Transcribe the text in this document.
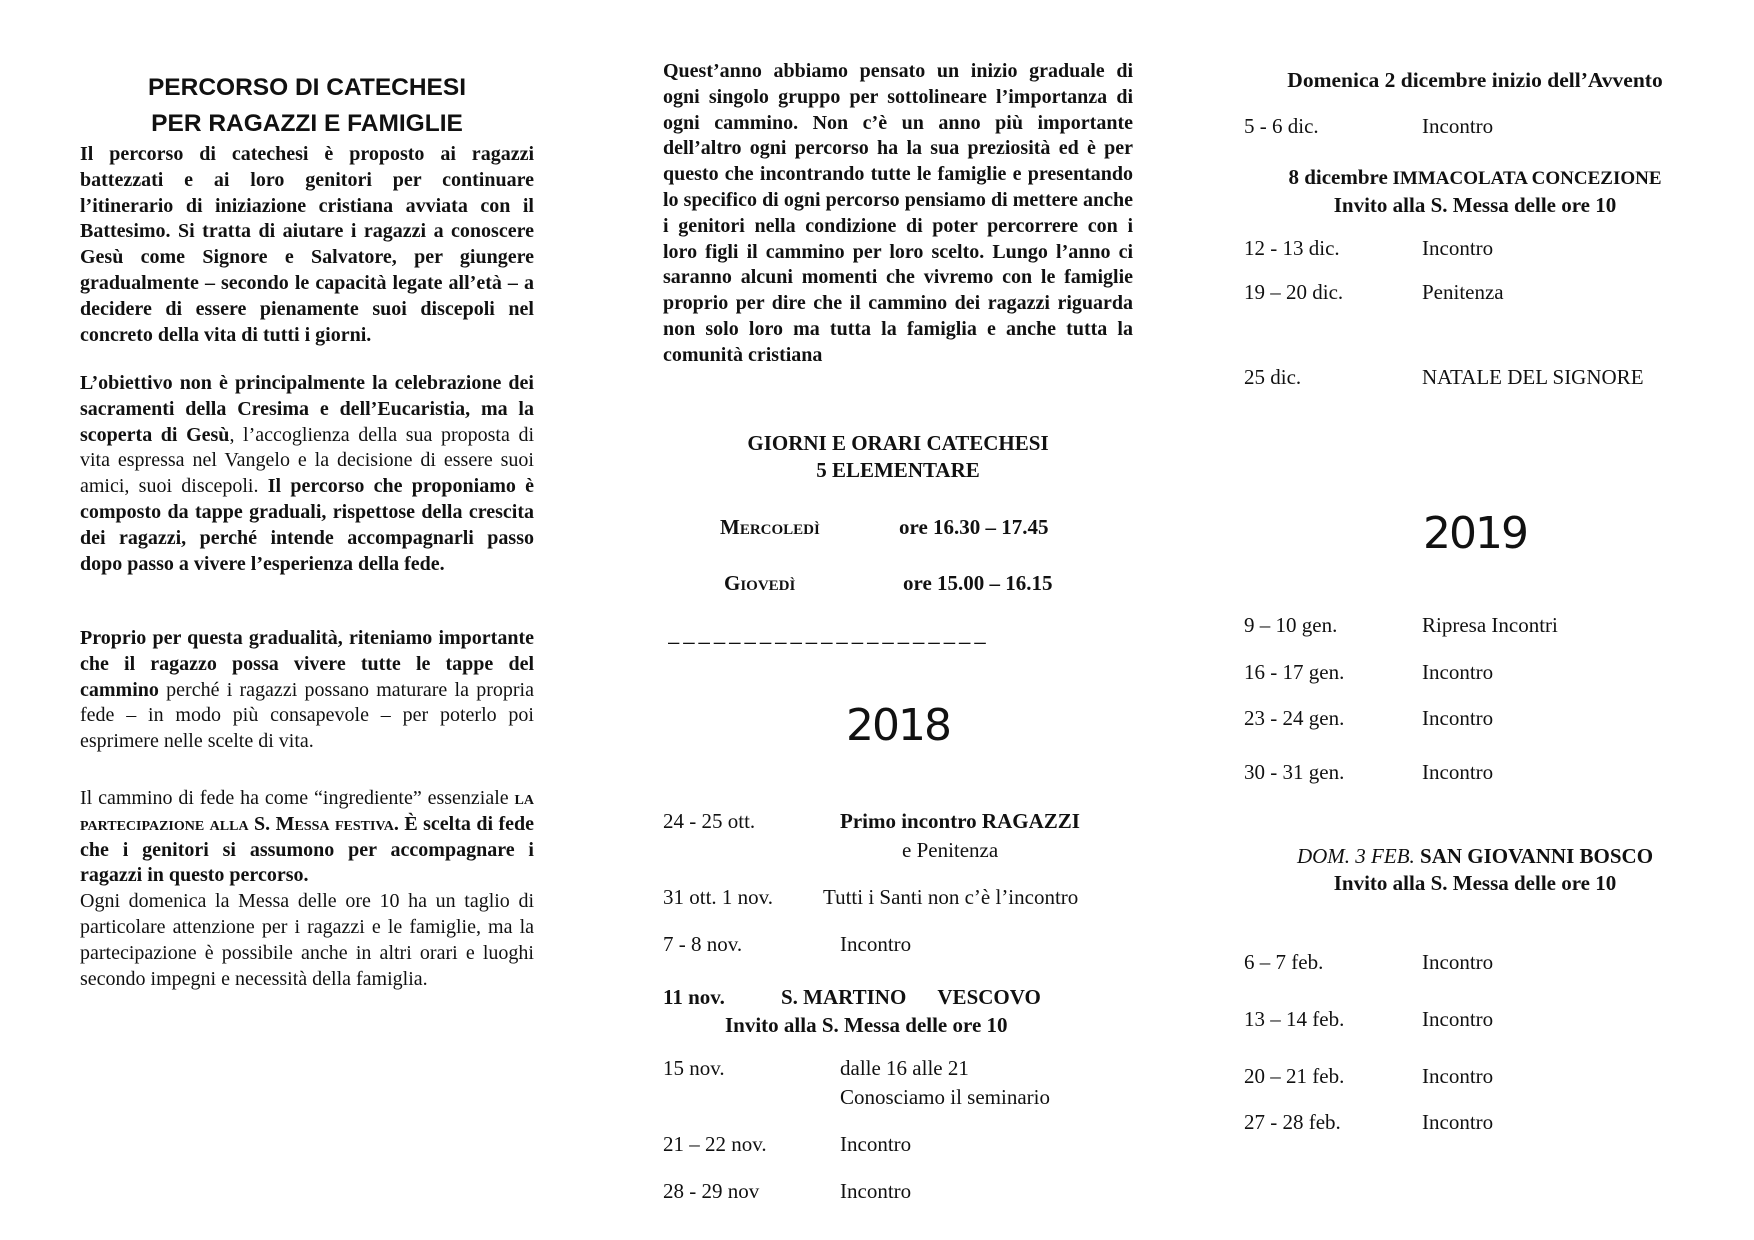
PERCORSO DI CATECHESI
PER RAGAZZI E FAMIGLIE

Il percorso di catechesi è proposto ai ragazzi battezzati e ai loro genitori per continuare l’itinerario di iniziazione cristiana avviata con il Battesimo. Si tratta di aiutare i ragazzi a conoscere Gesù come Signore e Salvatore, per giungere gradualmente – secondo le capacità legate all’età – a decidere di essere pienamente suoi discepoli nel concreto della vita di tutti i giorni.

L’obiettivo non è principalmente la celebrazione dei sacramenti della Cresima e dell’Eucaristia, ma la scoperta di Gesù, l’accoglienza della sua proposta di vita espressa nel Vangelo e la decisione di essere suoi amici, suoi discepoli. Il percorso che proponiamo è composto da tappe graduali, rispettose della crescita dei ragazzi, perché intende accompagnarli passo dopo passo a vivere l’esperienza della fede.

Proprio per questa gradualità, riteniamo importante che il ragazzo possa vivere tutte le tappe del cammino perché i ragazzi possano maturare la propria fede – in modo più consapevole – per poterlo poi esprimere nelle scelte di vita.

Il cammino di fede ha come “ingrediente” essenziale la partecipazione alla S. Messa festiva. È scelta di fede che i genitori si assumono per accompagnare i ragazzi in questo percorso.
Ogni domenica la Messa delle ore 10 ha un taglio di particolare attenzione per i ragazzi e le famiglie, ma la partecipazione è possibile anche in altri orari e luoghi secondo impegni e necessità della famiglia.

Quest’anno abbiamo pensato un inizio graduale di ogni singolo gruppo per sottolineare l’importanza di ogni cammino. Non c’è un anno più importante dell’altro ogni percorso ha la sua preziosità ed è per questo che incontrando tutte le famiglie e presentando lo specifico di ogni percorso pensiamo di mettere anche i genitori nella condizione di poter percorrere con i loro figli il cammino per loro scelto. Lungo l’anno ci saranno alcuni momenti che vivremo con le famiglie proprio per dire che il cammino dei ragazzi riguarda non solo loro ma tutta la famiglia e anche tutta la comunità cristiana

GIORNI E ORARI CATECHESI
5 ELEMENTARE
Mercoledì	ore 16.30 – 17.45
Giovedì	ore 15.00 – 16.15
_____________________
2018
24 - 25 ott.	Primo incontro RAGAZZI
e Penitenza
31 ott. 1 nov. Tutti i Santi non c’è l’incontro
7 - 8 nov.	Incontro
11 nov.	S. MARTINO      VESCOVO
Invito alla S. Messa delle ore 10
15 nov.	dalle 16 alle 21
Conosciamo il seminario
21 – 22 nov.	Incontro
28 - 29 nov	Incontro
Domenica 2 dicembre inizio dell’Avvento
5 - 6 dic.	Incontro
8 dicembre IMMACOLATA CONCEZIONE
Invito alla S. Messa delle ore 10
12 - 13 dic.	Incontro
19 – 20 dic.	Penitenza
25 dic.	NATALE DEL SIGNORE
2019
9 – 10 gen.	Ripresa Incontri
16 - 17 gen.	Incontro
23 - 24 gen.	Incontro
30 - 31 gen.	Incontro
DOM. 3 FEB. SAN GIOVANNI BOSCO
Invito alla S. Messa delle ore 10
6 – 7 feb.	Incontro
13 – 14 feb.	Incontro
20 – 21 feb.	Incontro
27 - 28 feb.	Incontro
